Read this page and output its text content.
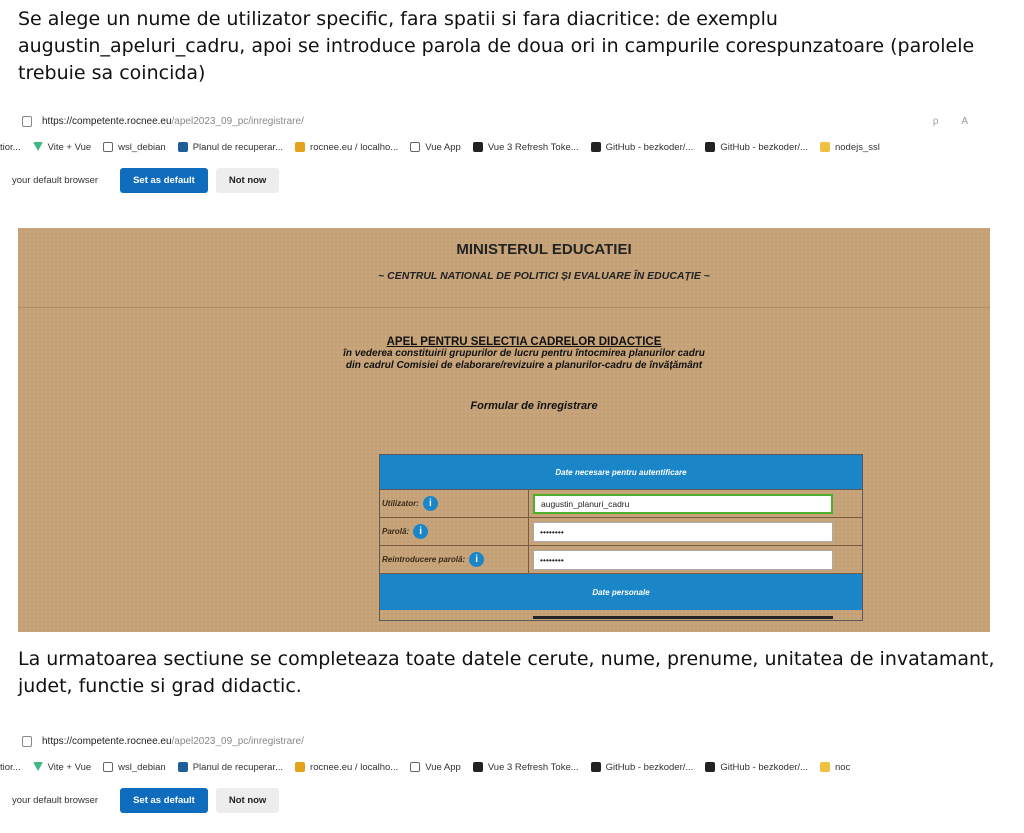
Se alege un nume de utilizator specific, fara spatii si fara diacritice: de exemplu augustin_apeluri_cadru, apoi se introduce parola de doua ori in campurile corespunzatoare (parolele trebuie sa coincida)
https://competente.rocnee.eu /apel2023_09_pc/inregistrare/	ρ A
tior...	Vite + Vue	wsl_debian	Planul de recuperar...	rocnee.eu / localho...	Vue App	Vue 3 Refresh Toke...	GitHub - bezkoder/...	GitHub - bezkoder/...	nodejs_ssl
your default browser	Set as default	Not now
MINISTERUL EDUCATIEI
~ CENTRUL NATIONAL DE POLITICI ȘI EVALUARE ÎN EDUCAȚIE ~
APEL PENTRU SELECTIA CADRELOR DIDACTICE
în vederea constituirii grupurilor de lucru pentru întocmirea planurilor cadru
din cadrul Comisiei de elaborare/revizuire a planurilor-cadru de învățământ
Formular de înregistrare
Date necesare pentru autentificare
Utilizator:	i	augustin_planuri_cadru
Parolă:	i	••••••••
Reintroducere parolă:	i	••••••••
Date personale
La urmatoarea sectiune se completeaza toate datele cerute, nume, prenume, unitatea de invatamant, judet, functie si grad didactic.
https://competente.rocnee.eu /apel2023_09_pc/inregistrare/
tior...	Vite + Vue	wsl_debian	Planul de recuperar...	rocnee.eu / localho...	Vue App	Vue 3 Refresh Toke...	GitHub - bezkoder/...	GitHub - bezkoder/...	noc
your default browser	Set as default	Not now
